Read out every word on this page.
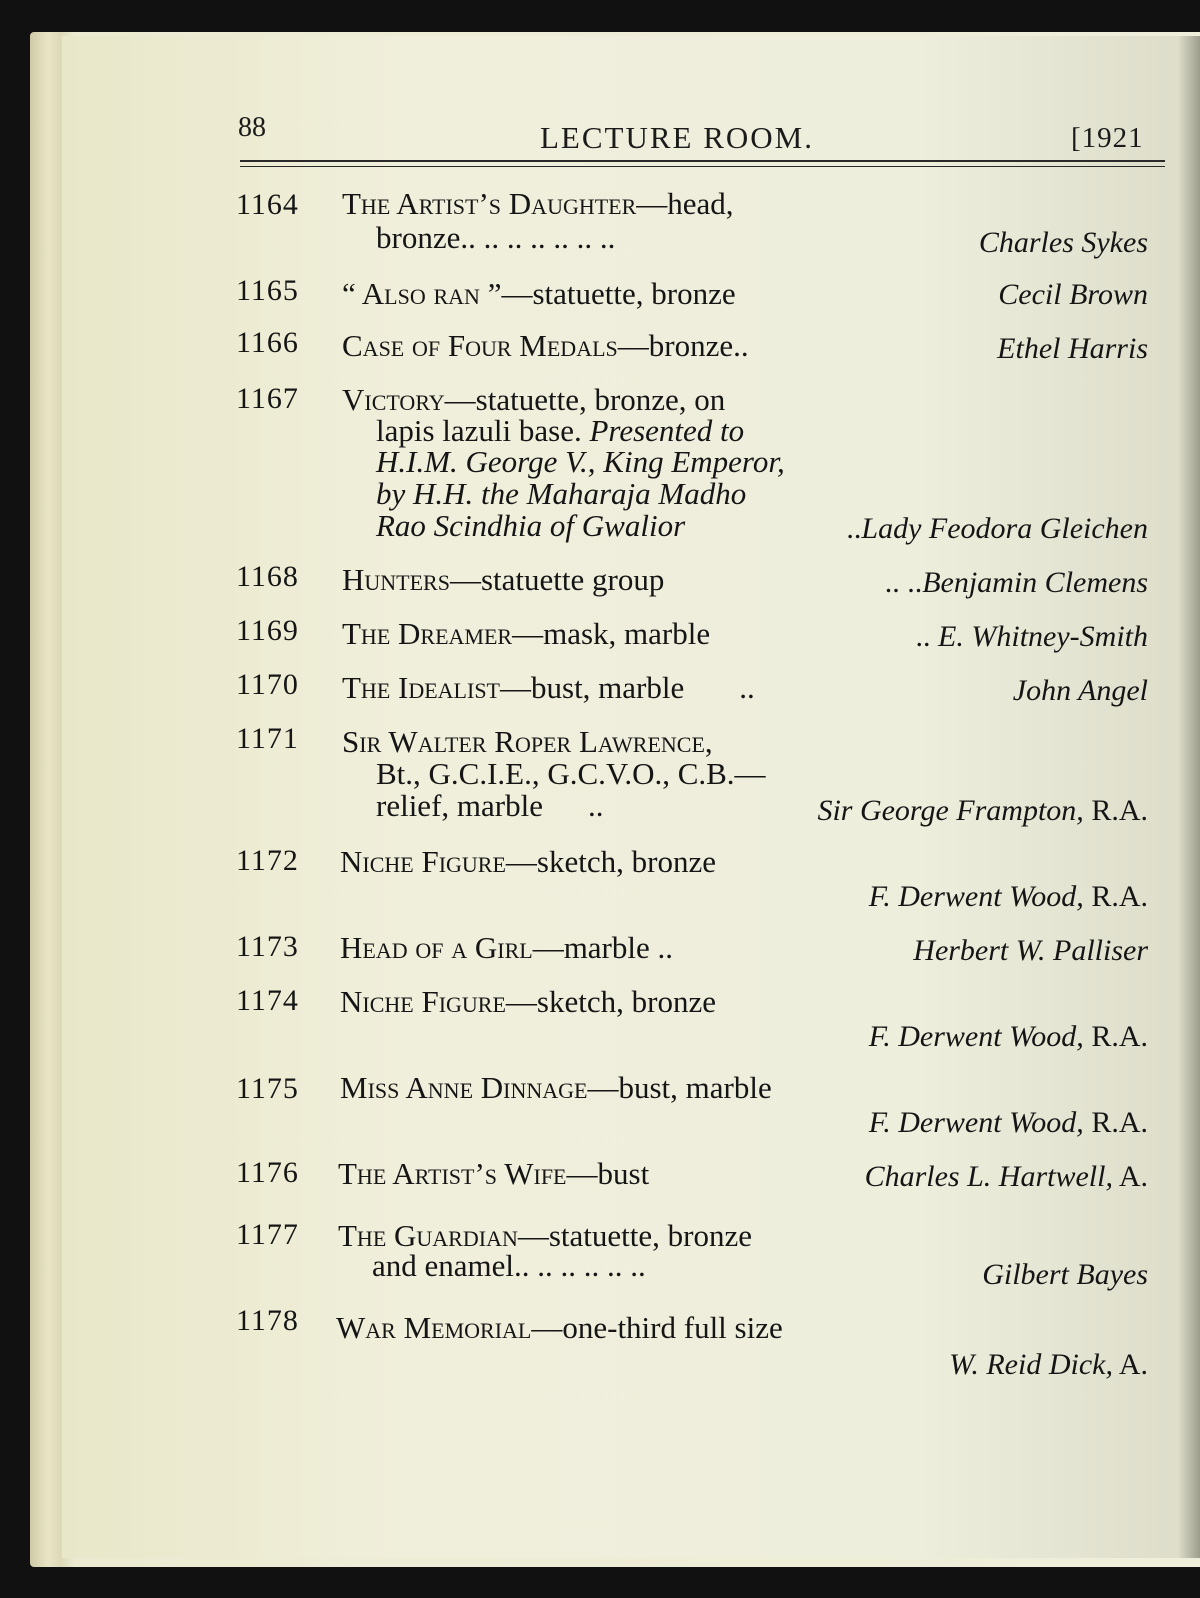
88	LECTURE ROOM.	[1921
1164 The Artist’s Daughter—head,
bronze.. .. .. .. .. .. ..	Charles Sykes
1165 “ Also ran ”—statuette, bronze	Cecil Brown
1166 Case of Four Medals—bronze..	Ethel Harris
1167 Victory—statuette, bronze, on
lapis lazuli base. Presented to
H.I.M. George V., King Emperor,
by H.H. the Maharaja Madho
Rao Scindhia of Gwalior	..Lady Feodora Gleichen
1168 Hunters—statuette group	.. ..Benjamin Clemens
1169 The Dreamer—mask, marble	.. E. Whitney-Smith
1170 The Idealist—bust, marble ..	John Angel
1171 Sir Walter Roper Lawrence,
Bt., G.C.I.E., G.C.V.O., C.B.—
relief, marble ..	Sir George Frampton, R.A.
1172 Niche Figure—sketch, bronze
F. Derwent Wood, R.A.
1173 Head of a Girl—marble ..	Herbert W. Palliser
1174 Niche Figure—sketch, bronze
F. Derwent Wood, R.A.
1175 Miss Anne Dinnage—bust, marble
F. Derwent Wood, R.A.
1176 The Artist’s Wife—bust	Charles L. Hartwell, A.
1177 The Guardian—statuette, bronze
and enamel.. .. .. .. .. ..	Gilbert Bayes
1178 War Memorial—one-third full size
W. Reid Dick, A.
